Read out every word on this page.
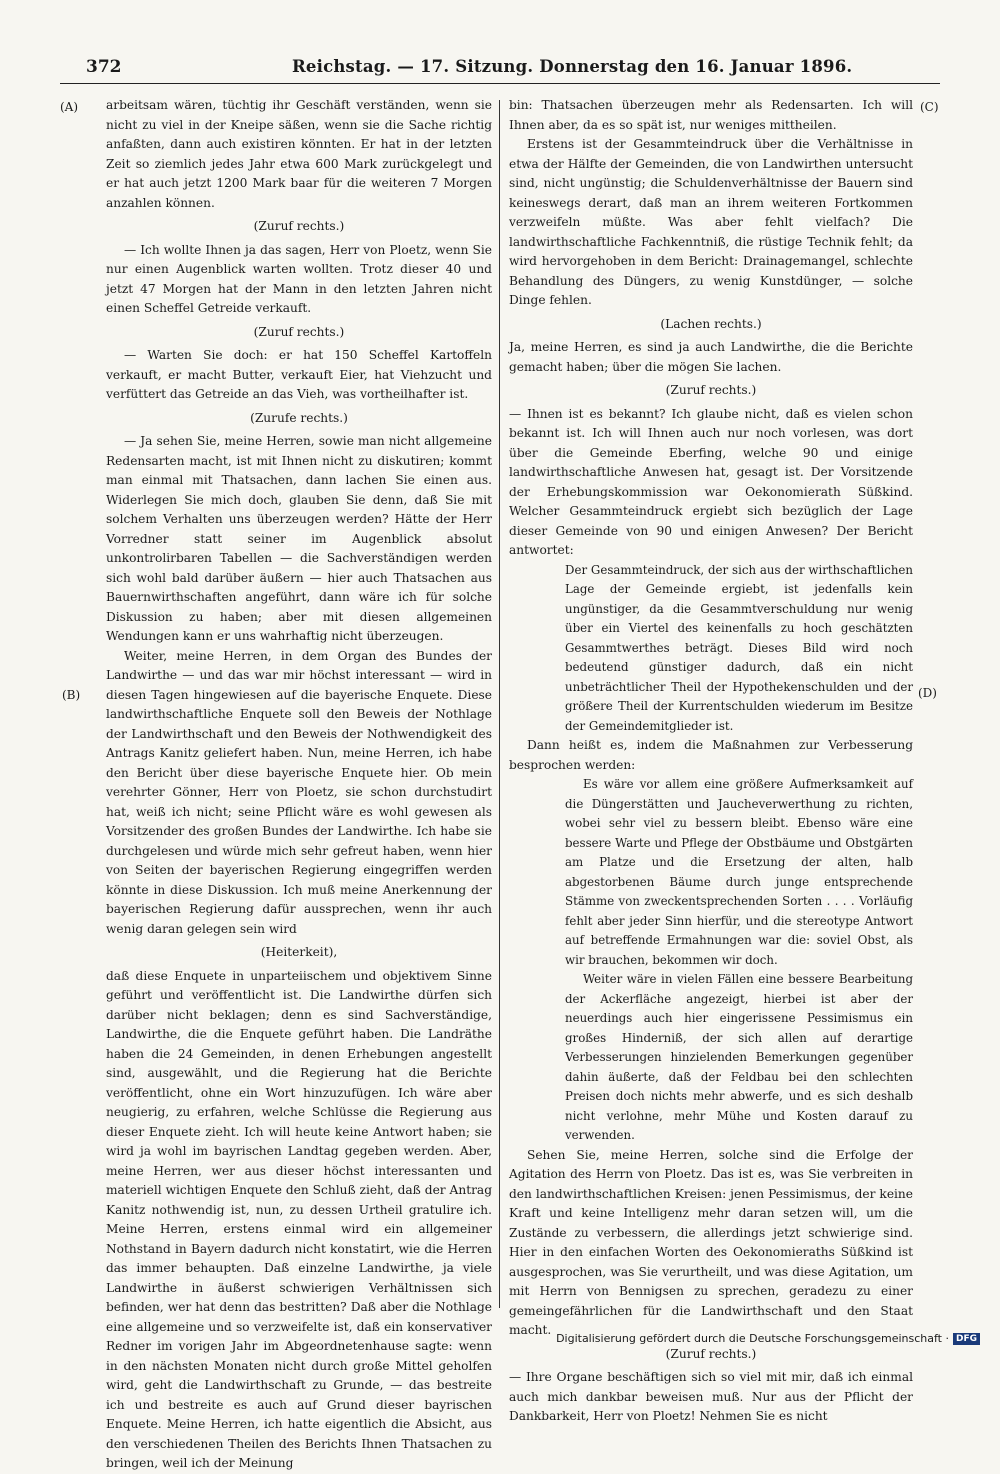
372	Reichstag. — 17. Sitzung. Donnerstag den 16. Januar 1896.
(A)
(B)
(C)
(D)

arbeitsam wären, tüchtig ihr Geschäft verständen, wenn sie nicht zu viel in der Kneipe säßen, wenn sie die Sache richtig anfaßten, dann auch existiren könnten. Er hat in der letzten Zeit so ziemlich jedes Jahr etwa 600 Mark zurückgelegt und er hat auch jetzt 1200 Mark baar für die weiteren 7 Morgen anzahlen können.

(Zuruf rechts.)

— Ich wollte Ihnen ja das sagen, Herr von Ploetz, wenn Sie nur einen Augenblick warten wollten. Trotz dieser 40 und jetzt 47 Morgen hat der Mann in den letzten Jahren nicht einen Scheffel Getreide verkauft.

(Zuruf rechts.)

— Warten Sie doch: er hat 150 Scheffel Kartoffeln verkauft, er macht Butter, verkauft Eier, hat Viehzucht und verfüttert das Getreide an das Vieh, was vortheilhafter ist.

(Zurufe rechts.)

— Ja sehen Sie, meine Herren, sowie man nicht allgemeine Redensarten macht, ist mit Ihnen nicht zu diskutiren; kommt man einmal mit Thatsachen, dann lachen Sie einen aus. Widerlegen Sie mich doch, glauben Sie denn, daß Sie mit solchem Verhalten uns überzeugen werden? Hätte der Herr Vorredner statt seiner im Augenblick absolut unkontrolirbaren Tabellen — die Sachverständigen werden sich wohl bald darüber äußern — hier auch Thatsachen aus Bauernwirthschaften angeführt, dann wäre ich für solche Diskussion zu haben; aber mit diesen allgemeinen Wendungen kann er uns wahrhaftig nicht überzeugen.

Weiter, meine Herren, in dem Organ des Bundes der Landwirthe — und das war mir höchst interessant — wird in diesen Tagen hingewiesen auf die bayerische Enquete. Diese landwirthschaftliche Enquete soll den Beweis der Nothlage der Landwirthschaft und den Beweis der Nothwendigkeit des Antrags Kanitz geliefert haben. Nun, meine Herren, ich habe den Bericht über diese bayerische Enquete hier. Ob mein verehrter Gönner, Herr von Ploetz, sie schon durchstudirt hat, weiß ich nicht; seine Pflicht wäre es wohl gewesen als Vorsitzender des großen Bundes der Landwirthe. Ich habe sie durchgelesen und würde mich sehr gefreut haben, wenn hier von Seiten der bayerischen Regierung eingegriffen werden könnte in diese Diskussion. Ich muß meine Anerkennung der bayerischen Regierung dafür aussprechen, wenn ihr auch wenig daran gelegen sein wird

(Heiterkeit),

daß diese Enquete in unparteiischem und objektivem Sinne geführt und veröffentlicht ist. Die Landwirthe dürfen sich darüber nicht beklagen; denn es sind Sachverständige, Landwirthe, die die Enquete geführt haben. Die Landräthe haben die 24 Gemeinden, in denen Erhebungen angestellt sind, ausgewählt, und die Regierung hat die Berichte veröffentlicht, ohne ein Wort hinzuzufügen. Ich wäre aber neugierig, zu erfahren, welche Schlüsse die Regierung aus dieser Enquete zieht. Ich will heute keine Antwort haben; sie wird ja wohl im bayrischen Landtag gegeben werden. Aber, meine Herren, wer aus dieser höchst interessanten und materiell wichtigen Enquete den Schluß zieht, daß der Antrag Kanitz nothwendig ist, nun, zu dessen Urtheil gratulire ich. Meine Herren, erstens einmal wird ein allgemeiner Nothstand in Bayern dadurch nicht konstatirt, wie die Herren das immer behaupten. Daß einzelne Landwirthe, ja viele Landwirthe in äußerst schwierigen Verhältnissen sich befinden, wer hat denn das bestritten? Daß aber die Nothlage eine allgemeine und so verzweifelte ist, daß ein konservativer Redner im vorigen Jahr im Abgeordnetenhause sagte: wenn in den nächsten Monaten nicht durch große Mittel geholfen wird, geht die Landwirthschaft zu Grunde, — das bestreite ich und bestreite es auch auf Grund dieser bayrischen Enquete. Meine Herren, ich hatte eigentlich die Absicht, aus den verschiedenen Theilen des Berichts Ihnen Thatsachen zu bringen, weil ich der Meinung

bin: Thatsachen überzeugen mehr als Redensarten. Ich will Ihnen aber, da es so spät ist, nur weniges mittheilen.

Erstens ist der Gesammteindruck über die Verhältnisse in etwa der Hälfte der Gemeinden, die von Landwirthen untersucht sind, nicht ungünstig; die Schuldenverhältnisse der Bauern sind keineswegs derart, daß man an ihrem weiteren Fortkommen verzweifeln müßte. Was aber fehlt vielfach? Die landwirthschaftliche Fachkenntniß, die rüstige Technik fehlt; da wird hervorgehoben in dem Bericht: Drainagemangel, schlechte Behandlung des Düngers, zu wenig Kunstdünger, — solche Dinge fehlen.

(Lachen rechts.)

Ja, meine Herren, es sind ja auch Landwirthe, die die Berichte gemacht haben; über die mögen Sie lachen.

(Zuruf rechts.)

— Ihnen ist es bekannt? Ich glaube nicht, daß es vielen schon bekannt ist. Ich will Ihnen auch nur noch vorlesen, was dort über die Gemeinde Eberfing, welche 90 und einige landwirthschaftliche Anwesen hat, gesagt ist. Der Vorsitzende der Erhebungskommission war Oekonomierath Süßkind. Welcher Gesammteindruck ergiebt sich bezüglich der Lage dieser Gemeinde von 90 und einigen Anwesen? Der Bericht antwortet:

Der Gesammteindruck, der sich aus der wirthschaftlichen Lage der Gemeinde ergiebt, ist jedenfalls kein ungünstiger, da die Gesammtverschuldung nur wenig über ein Viertel des keinenfalls zu hoch geschätzten Gesammtwerthes beträgt. Dieses Bild wird noch bedeutend günstiger dadurch, daß ein nicht unbeträchtlicher Theil der Hypothekenschulden und der größere Theil der Kurrentschulden wiederum im Besitze der Gemeindemitglieder ist.

Dann heißt es, indem die Maßnahmen zur Verbesserung besprochen werden:

Es wäre vor allem eine größere Aufmerksamkeit auf die Düngerstätten und Jaucheverwerthung zu richten, wobei sehr viel zu bessern bleibt. Ebenso wäre eine bessere Warte und Pflege der Obstbäume und Obstgärten am Platze und die Ersetzung der alten, halb abgestorbenen Bäume durch junge entsprechende Stämme von zweckentsprechenden Sorten . . . . Vorläufig fehlt aber jeder Sinn hierfür, und die stereotype Antwort auf betreffende Ermahnungen war die: soviel Obst, als wir brauchen, bekommen wir doch.

Weiter wäre in vielen Fällen eine bessere Bearbeitung der Ackerfläche angezeigt, hierbei ist aber der neuerdings auch hier eingerissene Pessimismus ein großes Hinderniß, der sich allen auf derartige Verbesserungen hinzielenden Bemerkungen gegenüber dahin äußerte, daß der Feldbau bei den schlechten Preisen doch nichts mehr abwerfe, und es sich deshalb nicht verlohne, mehr Mühe und Kosten darauf zu verwenden.

Sehen Sie, meine Herren, solche sind die Erfolge der Agitation des Herrn von Ploetz. Das ist es, was Sie verbreiten in den landwirthschaftlichen Kreisen: jenen Pessimismus, der keine Kraft und keine Intelligenz mehr daran setzen will, um die Zustände zu verbessern, die allerdings jetzt schwierige sind. Hier in den einfachen Worten des Oekonomieraths Süßkind ist ausgesprochen, was Sie verurtheilt, und was diese Agitation, um mit Herrn von Bennigsen zu sprechen, geradezu zu einer gemeingefährlichen für die Landwirthschaft und den Staat macht.

(Zuruf rechts.)

— Ihre Organe beschäftigen sich so viel mit mir, daß ich einmal auch mich dankbar beweisen muß. Nur aus der Pflicht der Dankbarkeit, Herr von Ploetz! Nehmen Sie es nicht

Digitalisierung gefördert durch die Deutsche Forschungsgemeinschaft · DFG
